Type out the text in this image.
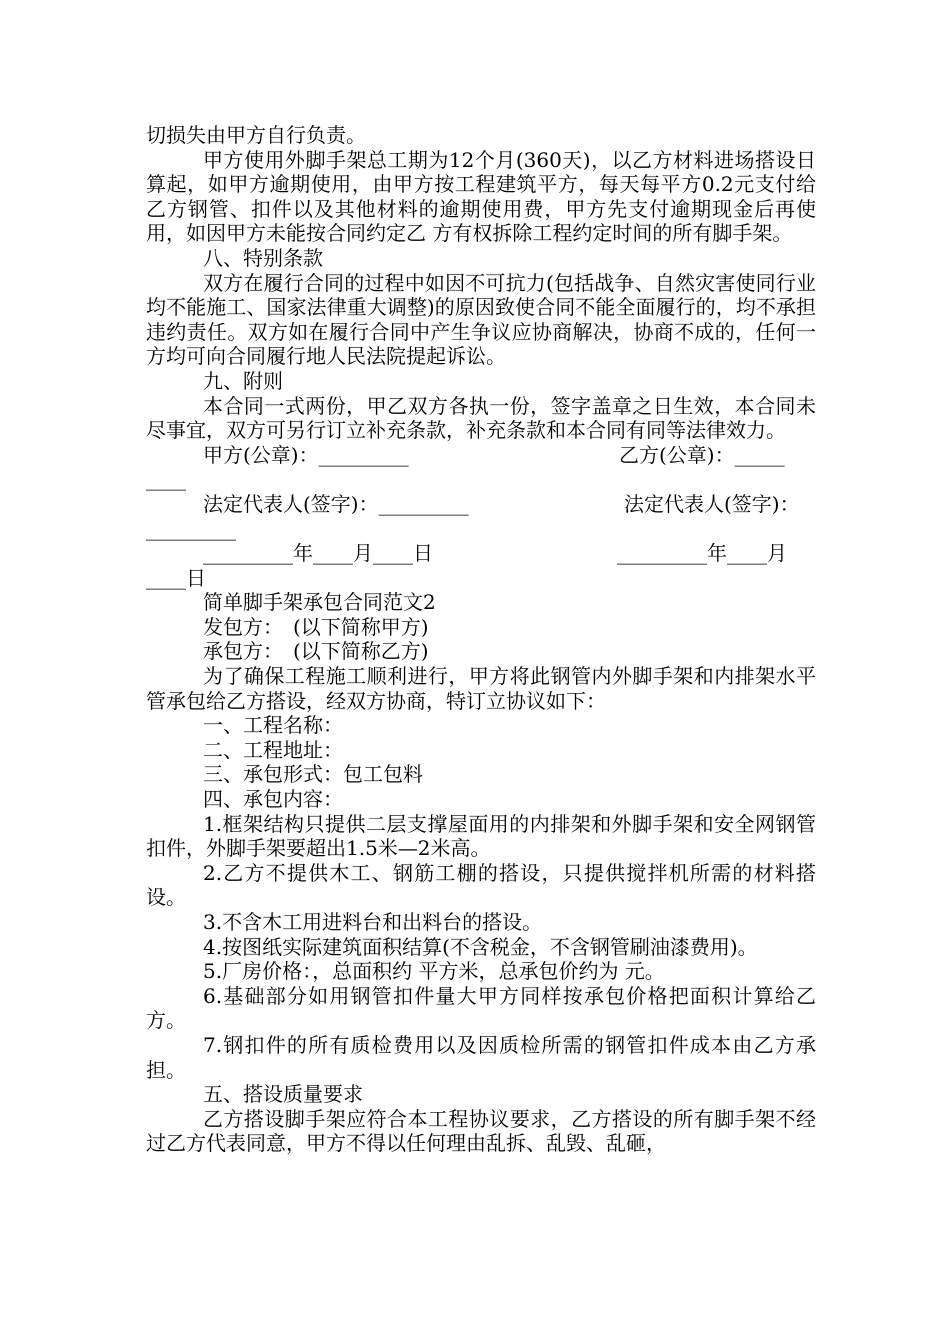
切损失由甲方自行负责。

甲方使用外脚手架总工期为12个月(360天)，以乙方材料进场搭设日算起，如甲方逾期使用，由甲方按工程建筑平方，每天每平方0.2元支付给乙方钢管、扣件以及其他材料的逾期使用费，甲方先支付逾期现金后再使用，如因甲方未能按合同约定乙 方有权拆除工程约定时间的所有脚手架。

八、特别条款

双方在履行合同的过程中如因不可抗力(包括战争、自然灾害使同行业均不能施工、国家法律重大调整)的原因致使合同不能全面履行的，均不承担违约责任。双方如在履行合同中产生争议应协商解决，协商不成的，任何一方均可向合同履行地人民法院提起诉讼。

九、附则

本合同一式两份，甲乙双方各执一份，签字盖章之日生效，本合同未尽事宜，双方可另行订立补充条款，补充条款和本合同有同等法律效力。

甲方(公章)：_________	乙方(公章)：_____
____
法定代表人(签字)：_________	法定代表人(签字)：
_________
_________年____月____日	_________年____月
____日

简单脚手架承包合同范文2

发包方：　(以下简称甲方)

承包方：　(以下简称乙方)

为了确保工程施工顺利进行，甲方将此钢管内外脚手架和内排架水平管承包给乙方搭设，经双方协商，特订立协议如下：

一、工程名称：

二、工程地址：

三、承包形式：包工包料

四、承包内容：

1.框架结构只提供二层支撑屋面用的内排架和外脚手架和安全网钢管扣件，外脚手架要超出1.5米—2米高。

2.乙方不提供木工、钢筋工棚的搭设，只提供搅拌机所需的材料搭设。

3.不含木工用进料台和出料台的搭设。

4.按图纸实际建筑面积结算(不含税金，不含钢管刷油漆费用)。

5.厂房价格：，总面积约 平方米，总承包价约为 元。

6.基础部分如用钢管扣件量大甲方同样按承包价格把面积计算给乙方。

7.钢扣件的所有质检费用以及因质检所需的钢管扣件成本由乙方承担。

五、搭设质量要求

乙方搭设脚手架应符合本工程协议要求，乙方搭设的所有脚手架不经过乙方代表同意，甲方不得以任何理由乱拆、乱毁、乱砸，
